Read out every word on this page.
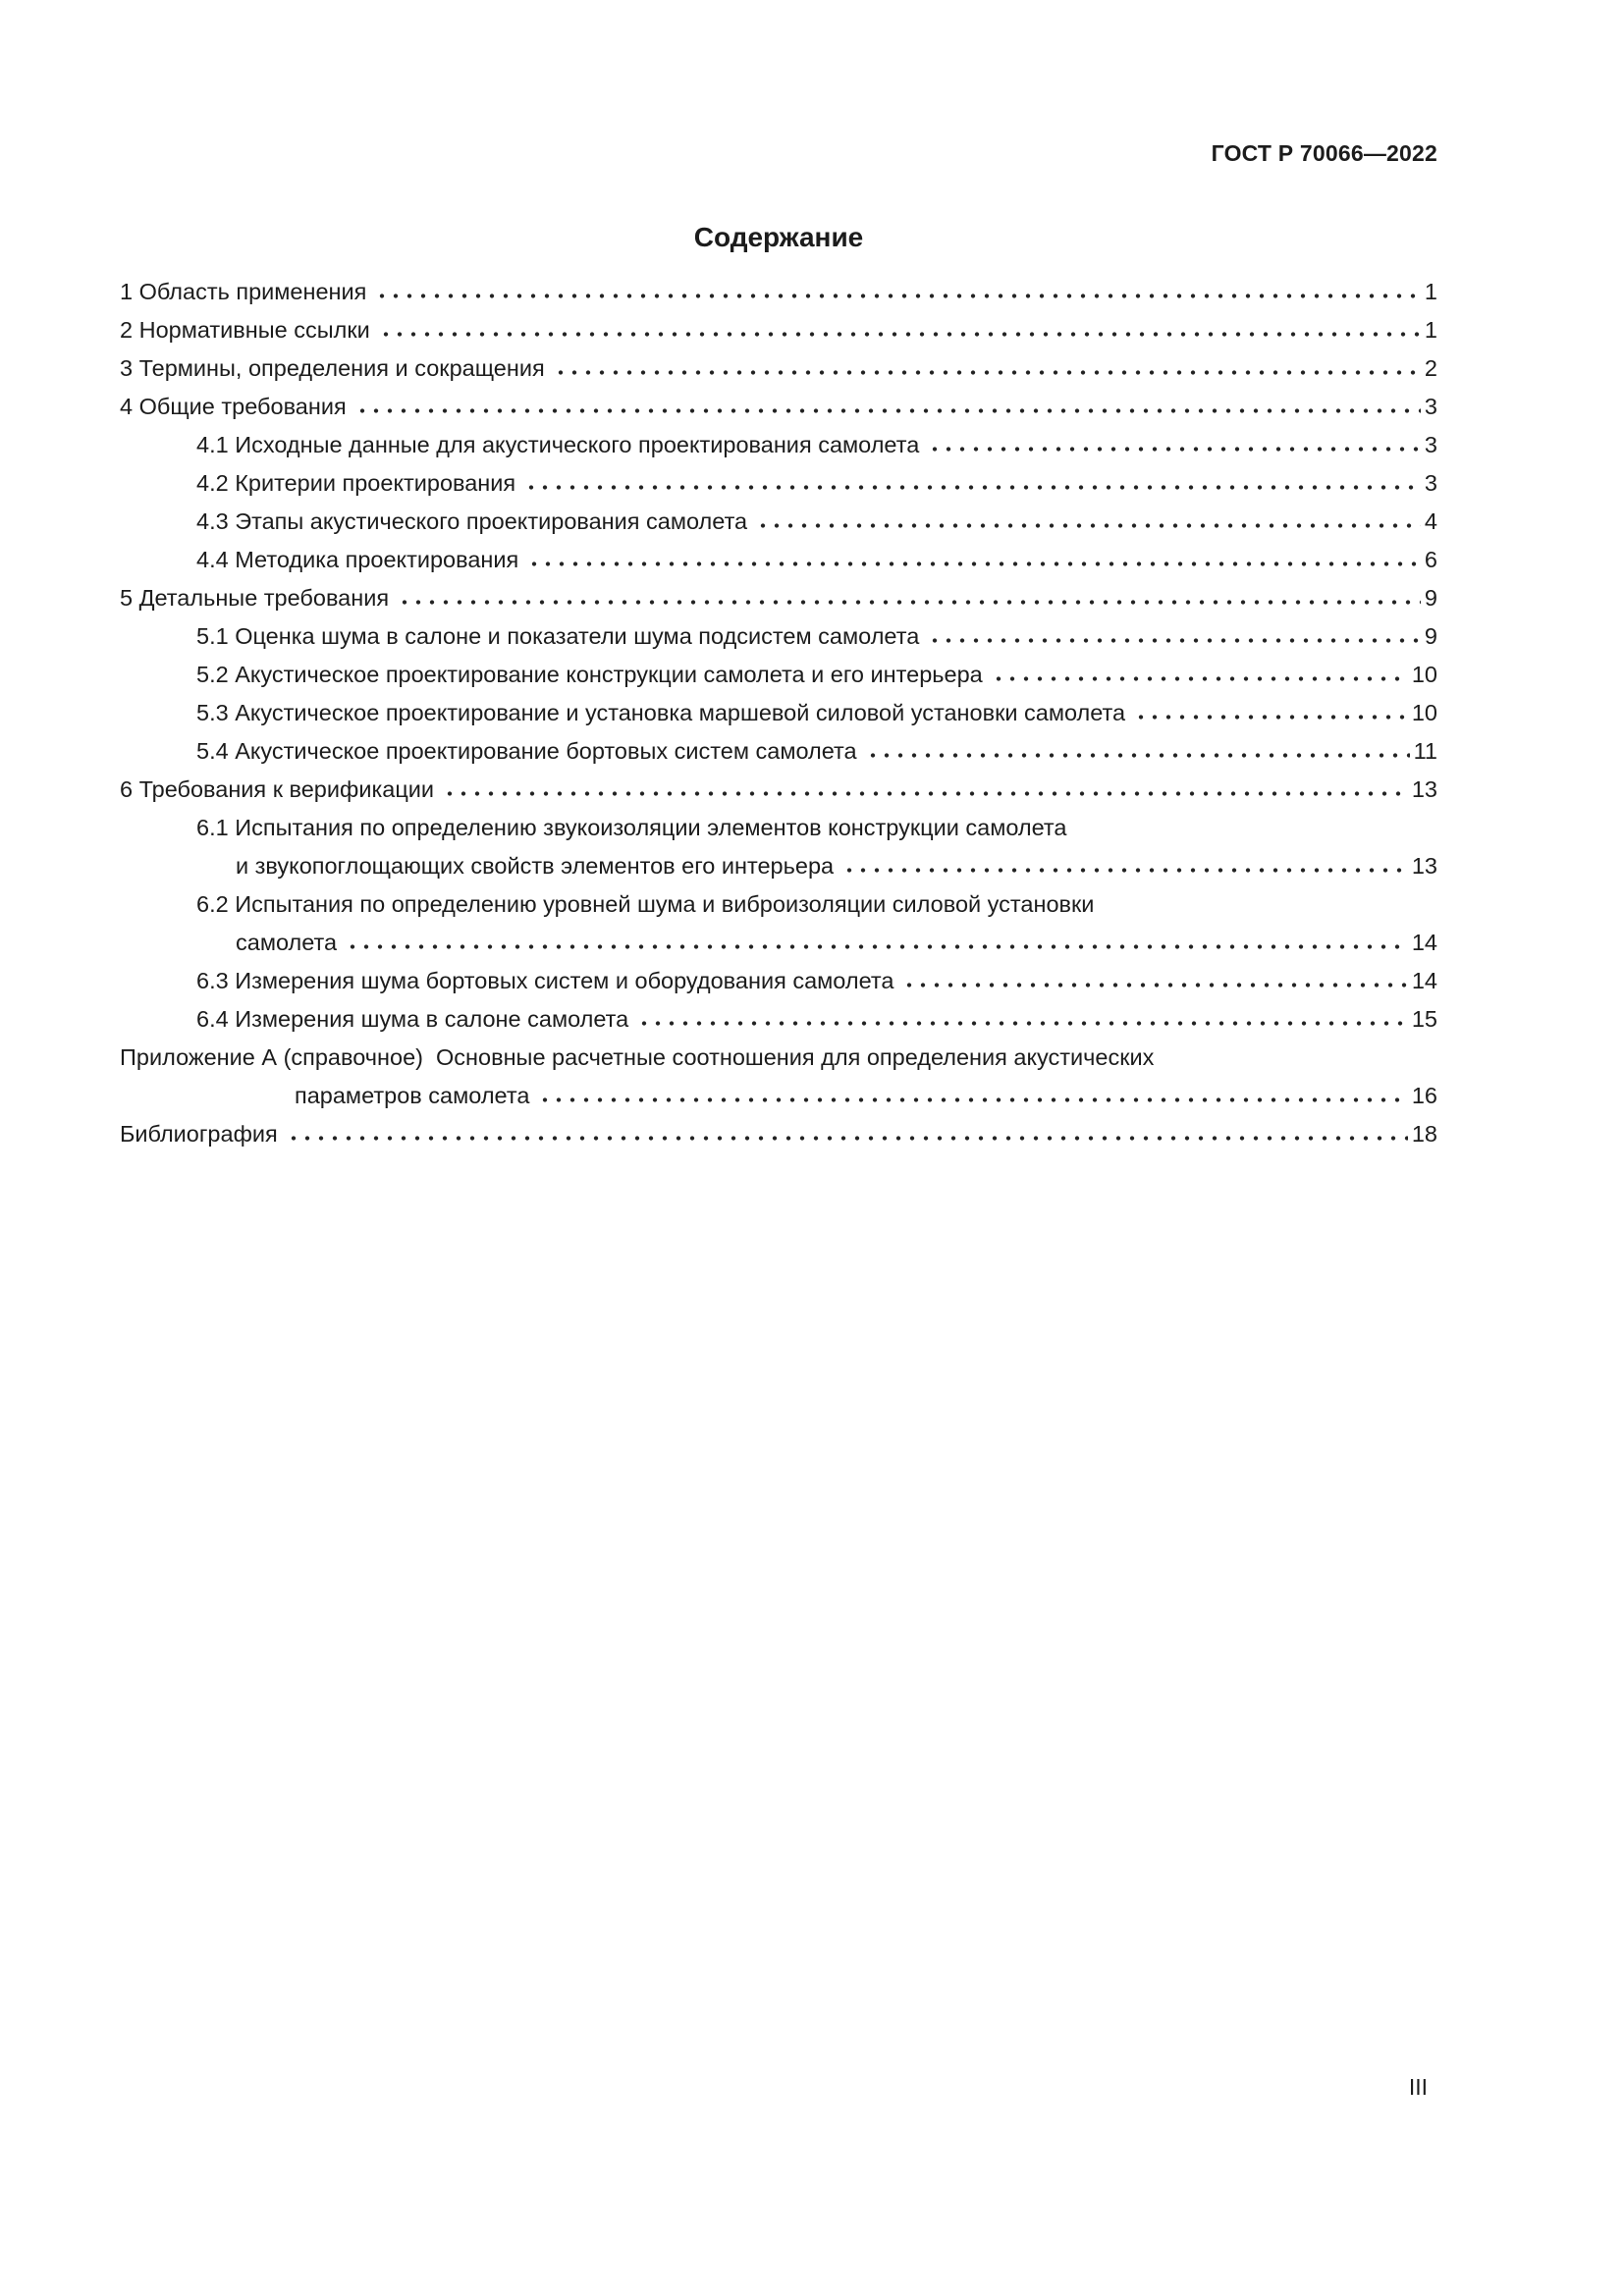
ГОСТ Р 70066—2022
Содержание
1 Область применения	1
2 Нормативные ссылки	1
3 Термины, определения и сокращения	2
4 Общие требования	3
4.1 Исходные данные для акустического проектирования самолета	3
4.2 Критерии проектирования	3
4.3 Этапы акустического проектирования самолета	4
4.4 Методика проектирования	6
5 Детальные требования	9
5.1 Оценка шума в салоне и показатели шума подсистем самолета	9
5.2 Акустическое проектирование конструкции самолета и его интерьера	10
5.3 Акустическое проектирование и установка маршевой силовой установки самолета	10
5.4 Акустическое проектирование бортовых систем самолета	11
6 Требования к верификации	13
6.1 Испытания по определению звукоизоляции элементов конструкции самолета
и звукопоглощающих свойств элементов его интерьера	13
6.2 Испытания по определению уровней шума и виброизоляции силовой установки
самолета	14
6.3 Измерения шума бортовых систем и оборудования самолета	14
6.4 Измерения шума в салоне самолета	15
Приложение А (справочное)  Основные расчетные соотношения для определения акустических
параметров самолета	16
Библиография	18
III
